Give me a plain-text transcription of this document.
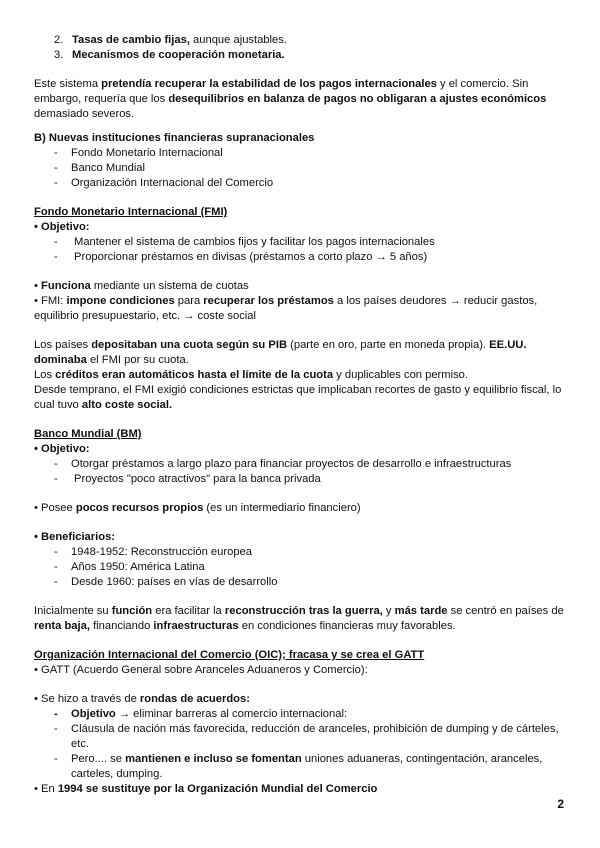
2. Tasas de cambio fijas, aunque ajustables.
3. Mecanismos de cooperación monetaria.

Este sistema pretendía recuperar la estabilidad de los pagos internacionales y el comercio. Sin embargo, requería que los desequilibrios en balanza de pagos no obligaran a ajustes económicos demasiado severos.

B) Nuevas instituciones financieras supranacionales

-	Fondo Monetario Internacional
-	Banco Mundial
-	Organización Internacional del Comercio

Fondo Monetario Internacional (FMI)

• Objetivo:

-	Mantener el sistema de cambios fijos y facilitar los pagos internacionales
-	Proporcionar préstamos en divisas (préstamos a corto plazo → 5 años)

• Funciona mediante un sistema de cuotas

• FMI: impone condiciones para recuperar los préstamos a los países deudores → reducir gastos, equilibrio presupuestario, etc. → coste social

Los países depositaban una cuota según su PIB (parte en oro, parte en moneda propia). EE.UU. dominaba el FMI por su cuota.

Los créditos eran automáticos hasta el límite de la cuota y duplicables con permiso.

Desde temprano, el FMI exigió condiciones estrictas que implicaban recortes de gasto y equilibrio fiscal, lo cual tuvo alto coste social.

Banco Mundial (BM)

• Objetivo:

-	Otorgar préstamos a largo plazo para financiar proyectos de desarrollo e infraestructuras
-	Proyectos "poco atractivos" para la banca privada

• Posee pocos recursos propios (es un intermediario financiero)

• Beneficiarios:

-	1948-1952: Reconstrucción europea
-	Años 1950: América Latina
-	Desde 1960: países en vías de desarrollo

Inicialmente su función era facilitar la reconstrucción tras la guerra, y más tarde se centró en países de renta baja, financiando infraestructuras en condiciones financieras muy favorables.

Organización Internacional del Comercio (OIC); fracasa y se crea el GATT

• GATT (Acuerdo General sobre Aranceles Aduaneros y Comercio):

• Se hizo a través de rondas de acuerdos:

-	Objetivo → eliminar barreras al comercio internacional:
-	Cláusula de nación más favorecida, reducción de aranceles, prohibición de dumping y de cárteles, etc.
-	Pero.... se mantienen e incluso se fomentan uniones aduaneras, contingentación, aranceles, carteles, dumping.

• En 1994 se sustituye por la Organización Mundial del Comercio

2
